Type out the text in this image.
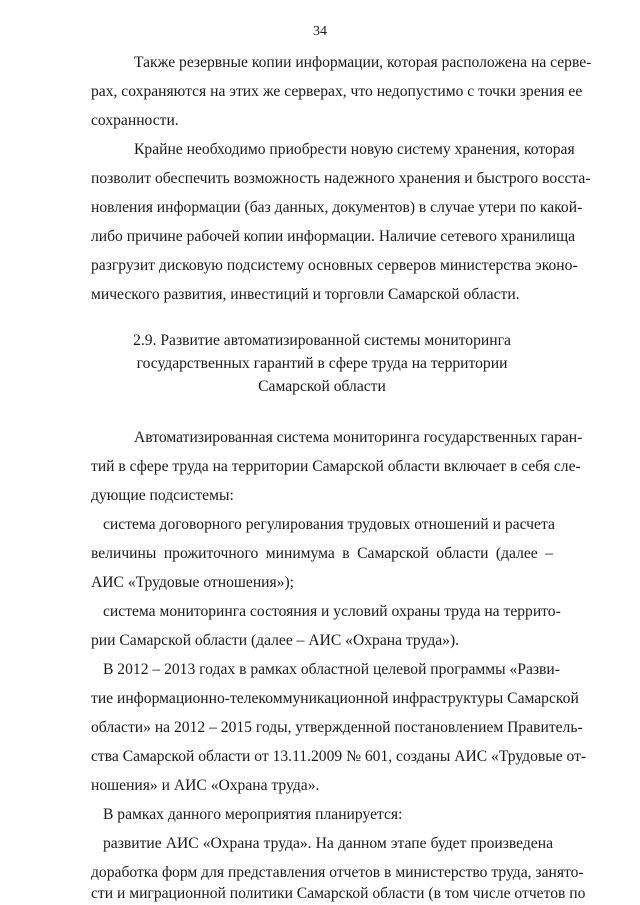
34
Также резервные копии информации, которая расположена на серве-
рах, сохраняются на этих же серверах, что недопустимо с точки зрения ее
сохранности.
Крайне необходимо приобрести новую систему хранения, которая
позволит обеспечить возможность надежного хранения и быстрого восста-
новления информации (баз данных, документов) в случае утери по какой-
либо причине рабочей копии информации. Наличие сетевого хранилища
разгрузит дисковую подсистему основных серверов министерства эконо-
мического развития, инвестиций и торговли Самарской области.
2.9. Развитие автоматизированной системы мониторинга
государственных гарантий в сфере труда на территории
Самарской области
Автоматизированная система мониторинга государственных гаран-
тий в сфере труда на территории Самарской области включает в себя сле-
дующие подсистемы:
система договорного регулирования трудовых отношений и расчета
величины прожиточного минимума в Самарской области (далее –
АИС «Трудовые отношения»);
система мониторинга состояния и условий охраны труда на террито-
рии Самарской области (далее – АИС «Охрана труда»).
В 2012 – 2013 годах в рамках областной целевой программы «Разви-
тие информационно-телекоммуникационной инфраструктуры Самарской
области» на 2012 – 2015 годы, утвержденной постановлением Правитель-
ства Самарской области от 13.11.2009 № 601, созданы АИС «Трудовые от-
ношения» и АИС «Охрана труда».
В рамках данного мероприятия планируется:
развитие АИС «Охрана труда». На данном этапе будет произведена
доработка форм для представления отчетов в министерство труда, занято-
сти и миграционной политики Самарской области (в том числе отчетов по
